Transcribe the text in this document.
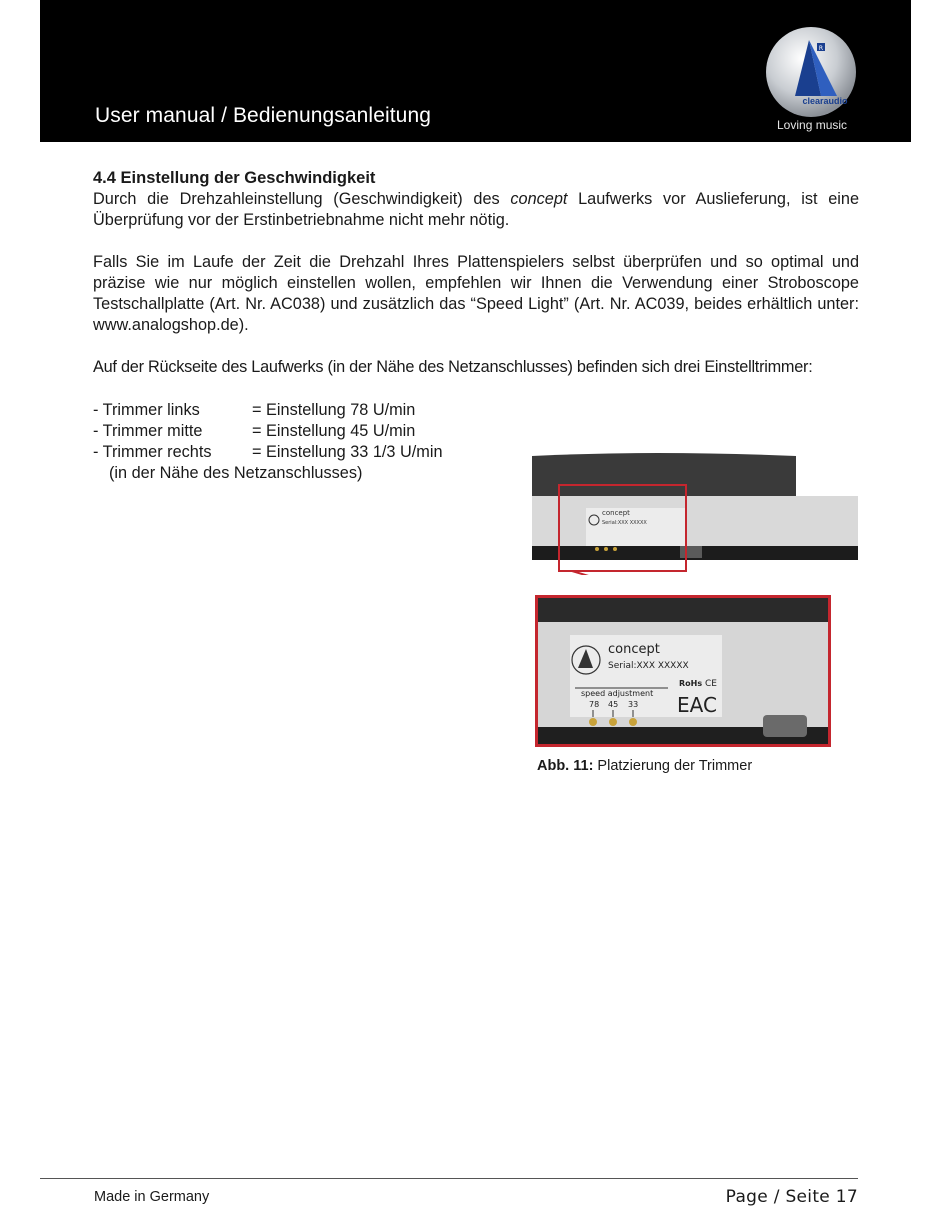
User manual / Bedienungsanleitung
R
clearaudio
Loving music
4.4 Einstellung der Geschwindigkeit

Durch die Drehzahleinstellung (Geschwindigkeit) des concept Laufwerks vor Auslieferung, ist eine Überprüfung vor der Erstinbetriebnahme nicht mehr nötig.

Falls Sie im Laufe der Zeit die Drehzahl Ihres Plattenspielers selbst überprüfen und so optimal und präzise wie nur möglich einstellen wollen, empfehlen wir Ihnen die Verwendung einer Stroboscope Testschallplatte (Art. Nr. AC038) und zusätzlich das “Speed Light” (Art. Nr. AC039, beides erhältlich unter: www.analogshop.de).

Auf der Rückseite des Laufwerks (in der Nähe des Netzanschlusses) befinden sich drei Einstelltrimmer:

- Trimmer links	= Einstellung 78 U/min
- Trimmer mitte	= Einstellung 45 U/min
- Trimmer rechts	= Einstellung 33 1/3 U/min
(in der Nähe des Netzanschlusses)
concept
Serial:XXX XXXXX
concept
Serial:XXX XXXXX
speed adjustment
78 45 33
RoHs CE
EAC
Abb. 11: Platzierung der Trimmer
Made in Germany	Page / Seite 17
